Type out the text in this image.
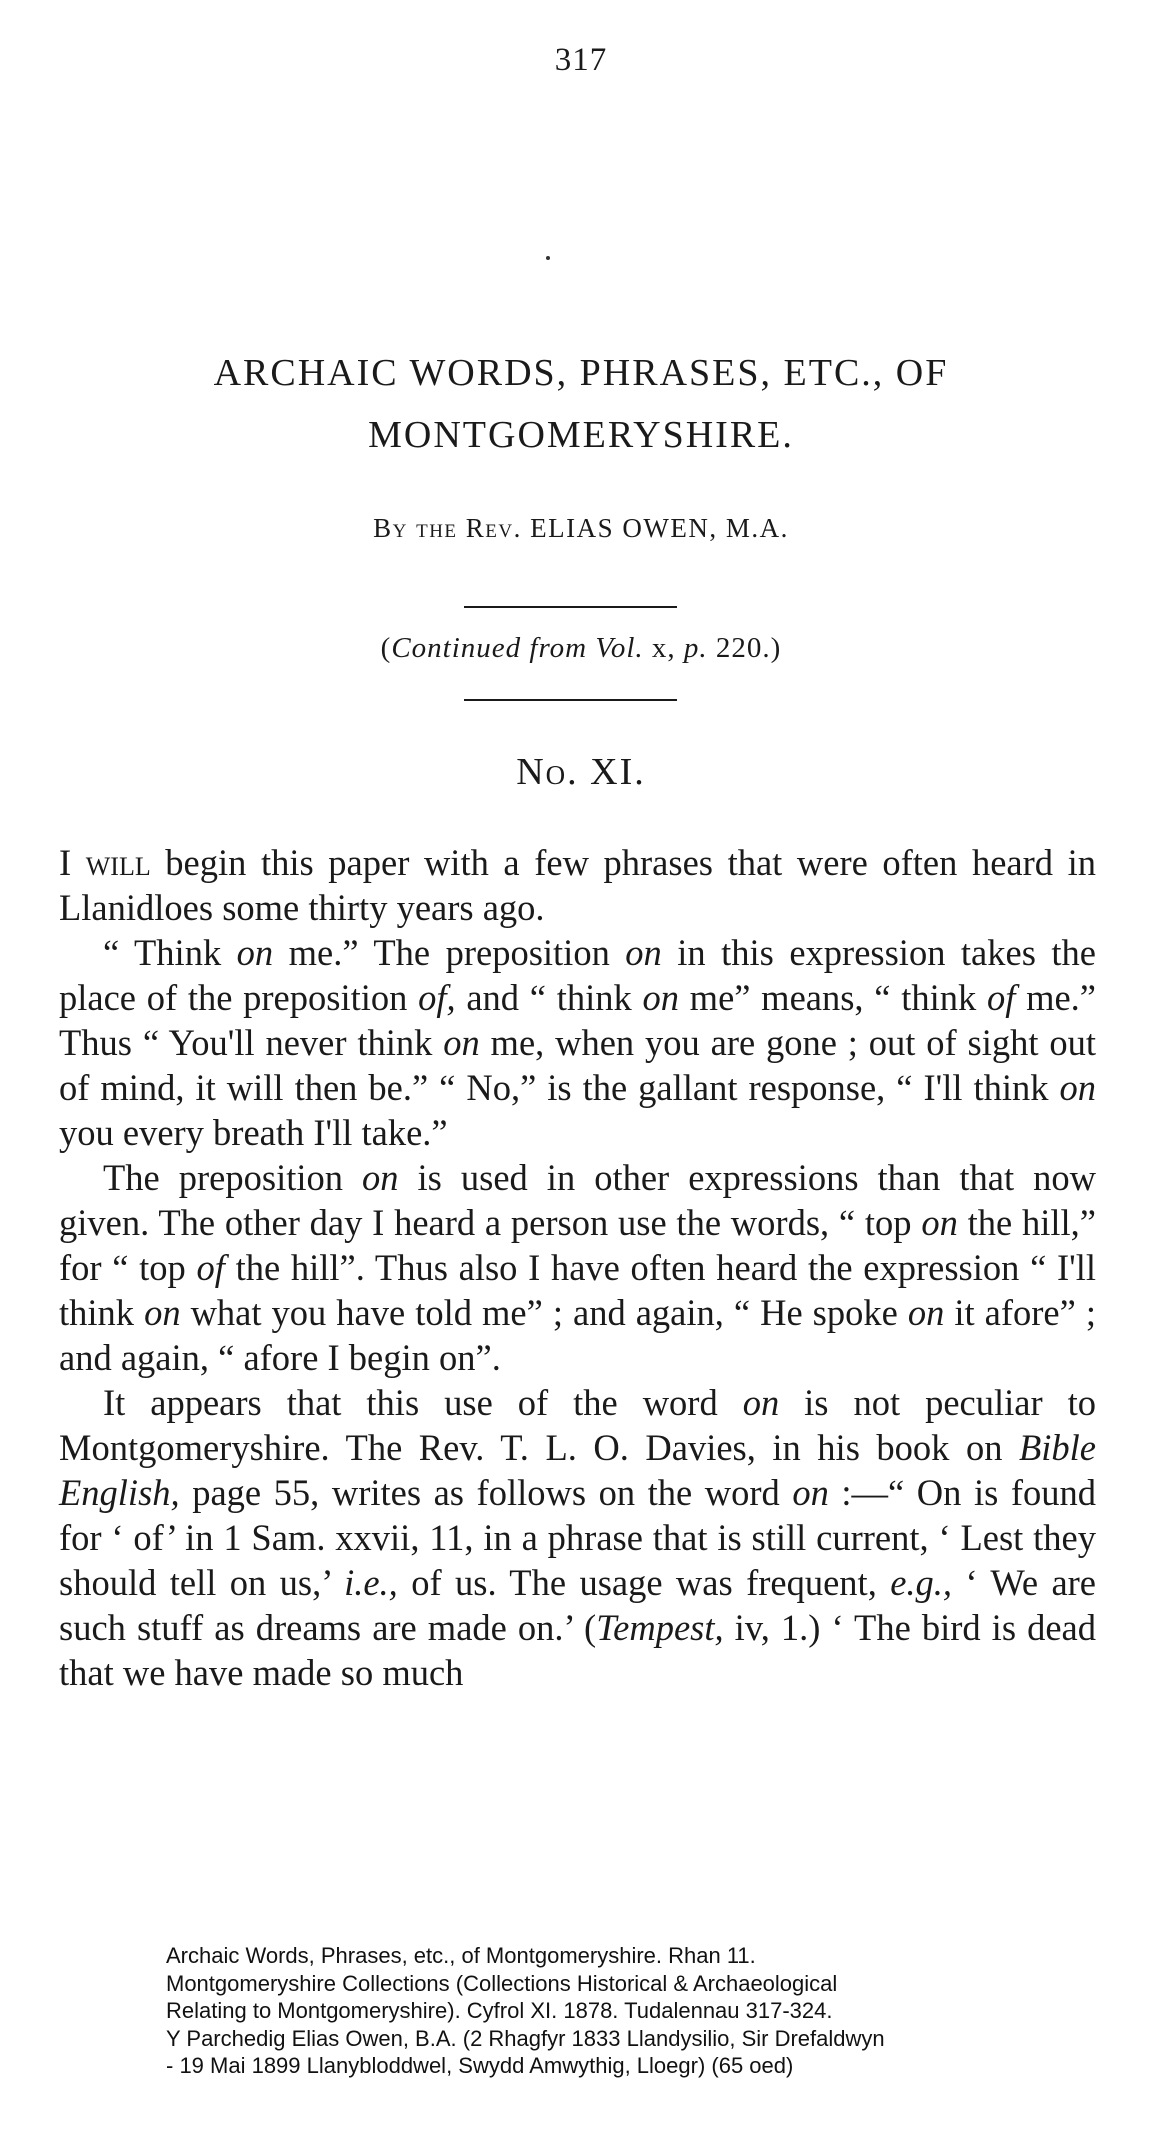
317
ARCHAIC WORDS, PHRASES, ETC., OF
MONTGOMERYSHIRE.
By the Rev. ELIAS OWEN, M.A.
(Continued from Vol. x, p. 220.)
No. XI.

I will begin this paper with a few phrases that were often heard in Llanidloes some thirty years ago.

“ Think on me.” The preposition on in this expression takes the place of the preposition of, and “ think on me” means, “ think of me.” Thus “ You'll never think on me, when you are gone ; out of sight out of mind, it will then be.” “ No,” is the gallant response, “ I'll think on you every breath I'll take.”

The preposition on is used in other expressions than that now given. The other day I heard a person use the words, “ top on the hill,” for “ top of the hill”. Thus also I have often heard the expression “ I'll think on what you have told me” ; and again, “ He spoke on it afore” ; and again, “ afore I begin on”.

It appears that this use of the word on is not peculiar to Montgomeryshire. The Rev. T. L. O. Davies, in his book on Bible English, page 55, writes as follows on the word on :—“ On is found for ‘ of’ in 1 Sam. xxvii, 11, in a phrase that is still current, ‘ Lest they should tell on us,’ i.e., of us. The usage was frequent, e.g., ‘ We are such stuff as dreams are made on.’ (Tempest, iv, 1.) ‘ The bird is dead that we have made so much

Archaic Words, Phrases, etc., of Montgomeryshire. Rhan 11.
Montgomeryshire Collections (Collections Historical & Archaeological
Relating to Montgomeryshire). Cyfrol XI. 1878. Tudalennau 317-324.
Y Parchedig Elias Owen, B.A. (2 Rhagfyr 1833 Llandysilio, Sir Drefaldwyn
- 19 Mai 1899 Llanybloddwel, Swydd Amwythig, Lloegr) (65 oed)
